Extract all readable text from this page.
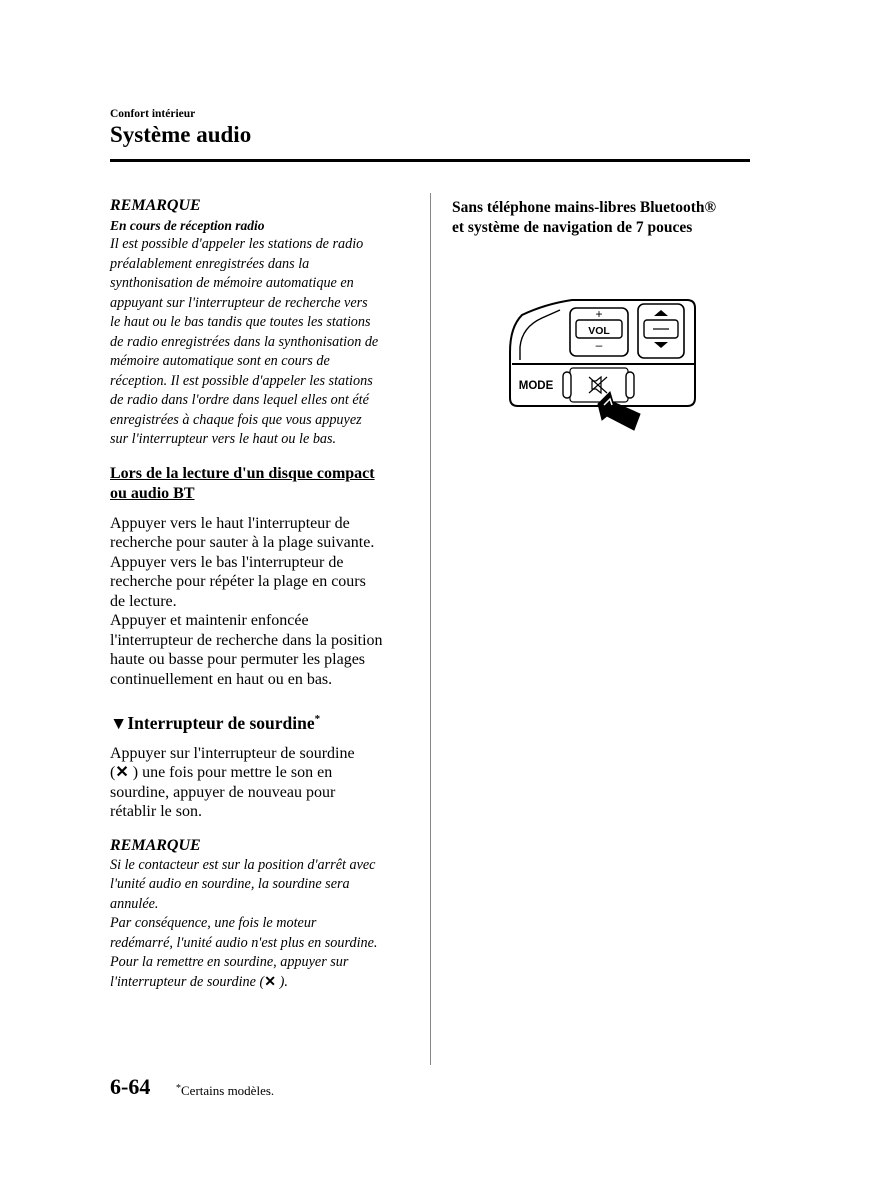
Confort intérieur
Système audio
REMARQUE
En cours de réception radio
Il est possible d'appeler les stations de radio
préalablement enregistrées dans la
synthonisation de mémoire automatique en
appuyant sur l'interrupteur de recherche vers
le haut ou le bas tandis que toutes les stations
de radio enregistrées dans la synthonisation de
mémoire automatique sont en cours de
réception. Il est possible d'appeler les stations
de radio dans l'ordre dans lequel elles ont été
enregistrées à chaque fois que vous appuyez
sur l'interrupteur vers le haut ou le bas.
Lors de la lecture d'un disque compact
ou audio BT
Appuyer vers le haut l'interrupteur de
recherche pour sauter à la plage suivante.
Appuyer vers le bas l'interrupteur de
recherche pour répéter la plage en cours
de lecture.
Appuyer et maintenir enfoncée
l'interrupteur de recherche dans la position
haute ou basse pour permuter les plages
continuellement en haut ou en bas.
▼Interrupteur de sourdine*
Appuyer sur l'interrupteur de sourdine
(✕ ) une fois pour mettre le son en
sourdine, appuyer de nouveau pour
rétablir le son.
REMARQUE
Si le contacteur est sur la position d'arrêt avec
l'unité audio en sourdine, la sourdine sera
annulée.
Par conséquence, une fois le moteur
redémarré, l'unité audio n'est plus en sourdine.
Pour la remettre en sourdine, appuyer sur
l'interrupteur de sourdine (✕ ).
Sans téléphone mains-libres Bluetooth®
et système de navigation de 7 pouces
VOL
+
–
MODE
6-64	*Certains modèles.
